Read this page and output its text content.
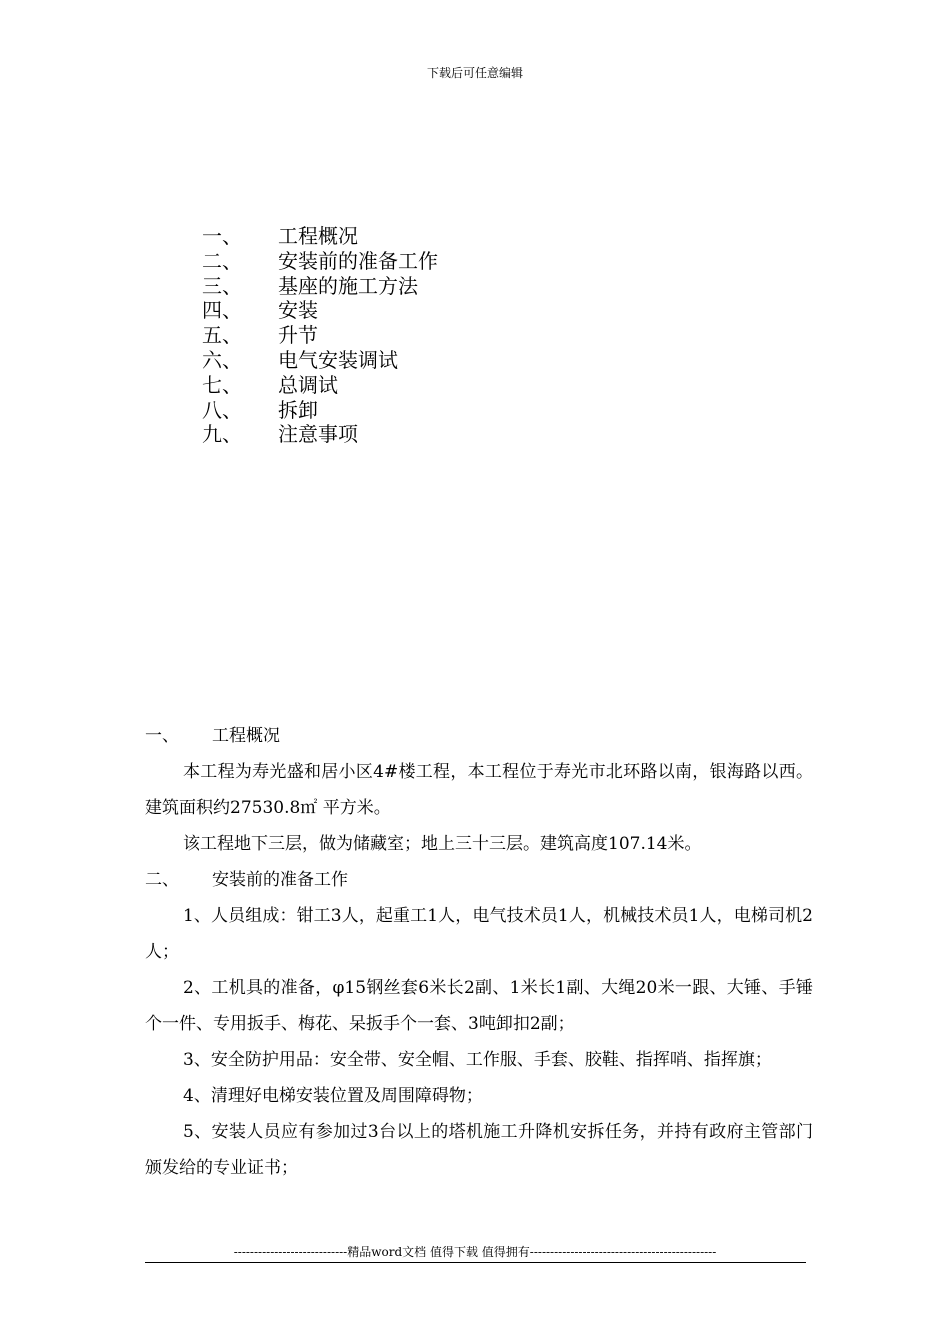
下载后可任意编辑
一、	工程概况
二、	安装前的准备工作
三、	基座的施工方法
四、	安装
五、	升节
六、	电气安装调试
七、	总调试
八、	拆卸
九、	注意事项
一、	工程概况

本工程为寿光盛和居小区4#楼工程，本工程位于寿光市北环路以南，银海路以西。建筑面积约27530.8㎡ 平方米。

该工程地下三层，做为储藏室；地上三十三层。建筑高度107.14米。

二、	安装前的准备工作

1、人员组成：钳工3人，起重工1人，电气技术员1人，机械技术员1人，电梯司机2人；

2、工机具的准备，φ15钢丝套6米长2副、1米长1副、大绳20米一跟、大锤、手锤个一件、专用扳手、梅花、呆扳手个一套、3吨卸扣2副；

3、安全防护用品：安全带、安全帽、工作服、手套、胶鞋、指挥哨、指挥旗；

4、清理好电梯安装位置及周围障碍物；

5、安装人员应有参加过3台以上的塔机施工升降机安拆任务，并持有政府主管部门颁发给的专业证书；

----------------------------精品word文档 值得下载 值得拥有----------------------------------------------
